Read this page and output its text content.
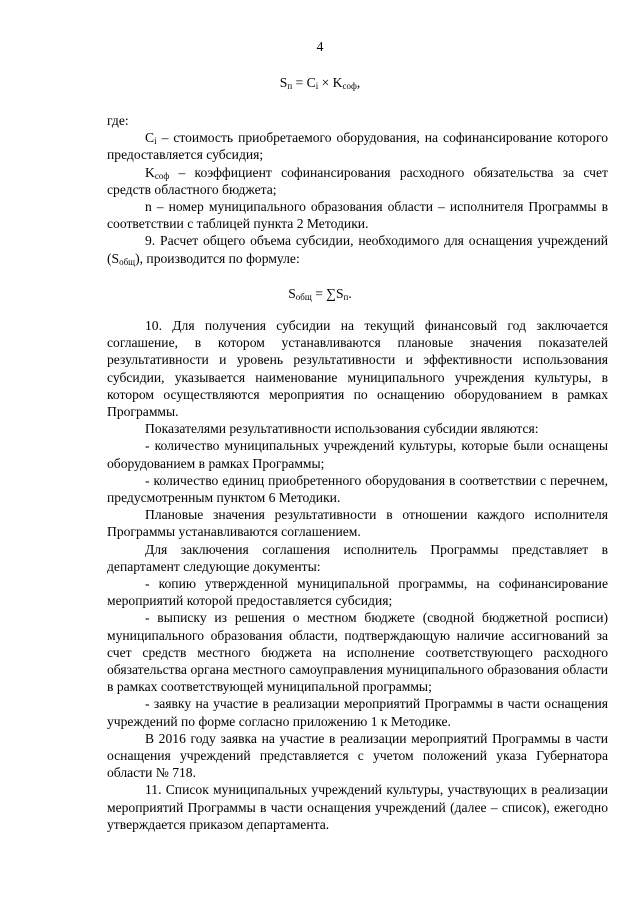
4
$S_п = C_i \times K_{соф}$,

где:

$C_i$ – стоимость приобретаемого оборудования, на софинансирование которого предоставляется субсидия;

$K_{соф}$ – коэффициент софинансирования расходного обязательства за счет средств областного бюджета;

n – номер муниципального образования области – исполнителя Программы в соответствии с таблицей пункта 2 Методики.

9. Расчет общего объема субсидии, необходимого для оснащения учреждений $(S_{общ})$, производится по формуле:

$S_{общ} = \sum S_п$.

10. Для получения субсидии на текущий финансовый год заключается соглашение, в котором устанавливаются плановые значения показателей результативности и уровень результативности и эффективности использования субсидии, указывается наименование муниципального учреждения культуры, в котором осуществляются мероприятия по оснащению оборудованием в рамках Программы.

Показателями результативности использования субсидии являются:

- количество муниципальных учреждений культуры, которые были оснащены оборудованием в рамках Программы;

- количество единиц приобретенного оборудования в соответствии с перечнем, предусмотренным пунктом 6 Методики.

Плановые значения результативности в отношении каждого исполнителя Программы устанавливаются соглашением.

Для заключения соглашения исполнитель Программы представляет в департамент следующие документы:

- копию утвержденной муниципальной программы, на софинансирование мероприятий которой предоставляется субсидия;

- выписку из решения о местном бюджете (сводной бюджетной росписи) муниципального образования области, подтверждающую наличие ассигнований за счет средств местного бюджета на исполнение соответствующего расходного обязательства органа местного самоуправления муниципального образования области в рамках соответствующей муниципальной программы;

- заявку на участие в реализации мероприятий Программы в части оснащения учреждений по форме согласно приложению 1 к Методике.

В 2016 году заявка на участие в реализации мероприятий Программы в части оснащения учреждений представляется с учетом положений указа Губернатора области № 718.

11. Список муниципальных учреждений культуры, участвующих в реализации мероприятий Программы в части оснащения учреждений (далее – список), ежегодно утверждается приказом департамента.
